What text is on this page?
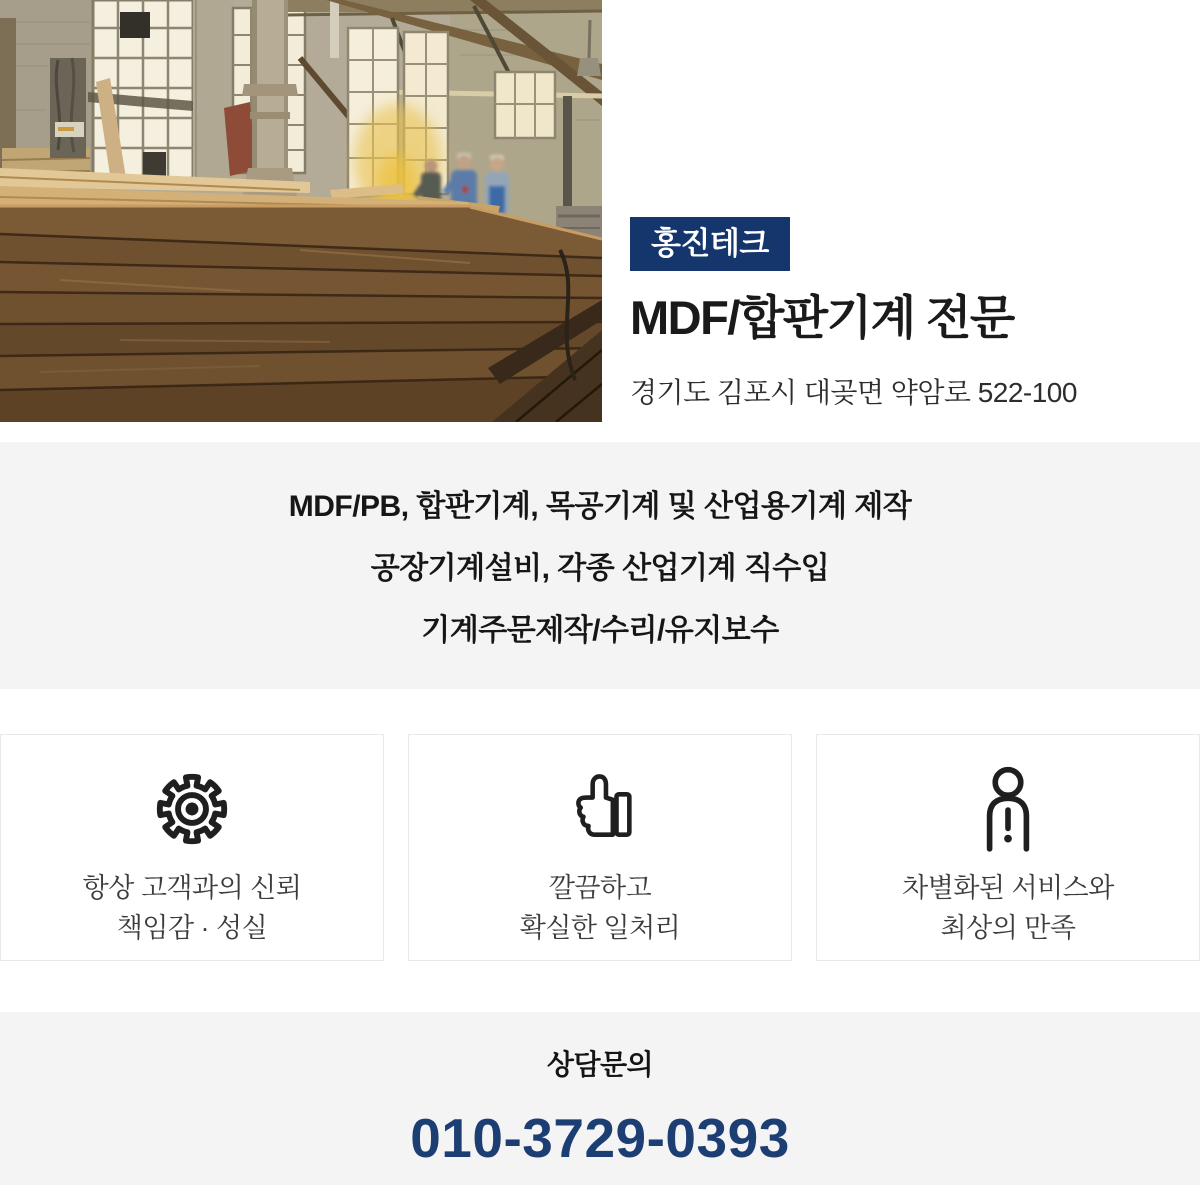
홍진테크
MDF/합판기계 전문
경기도 김포시 대곶면 약암로 522-100
MDF/PB, 합판기계, 목공기계 및 산업용기계 제작
공장기계설비, 각종 산업기계 직수입
기계주문제작/수리/유지보수
항상 고객과의 신뢰
책임감 · 성실
깔끔하고
확실한 일처리
차별화된 서비스와
최상의 만족
상담문의
010-3729-0393
